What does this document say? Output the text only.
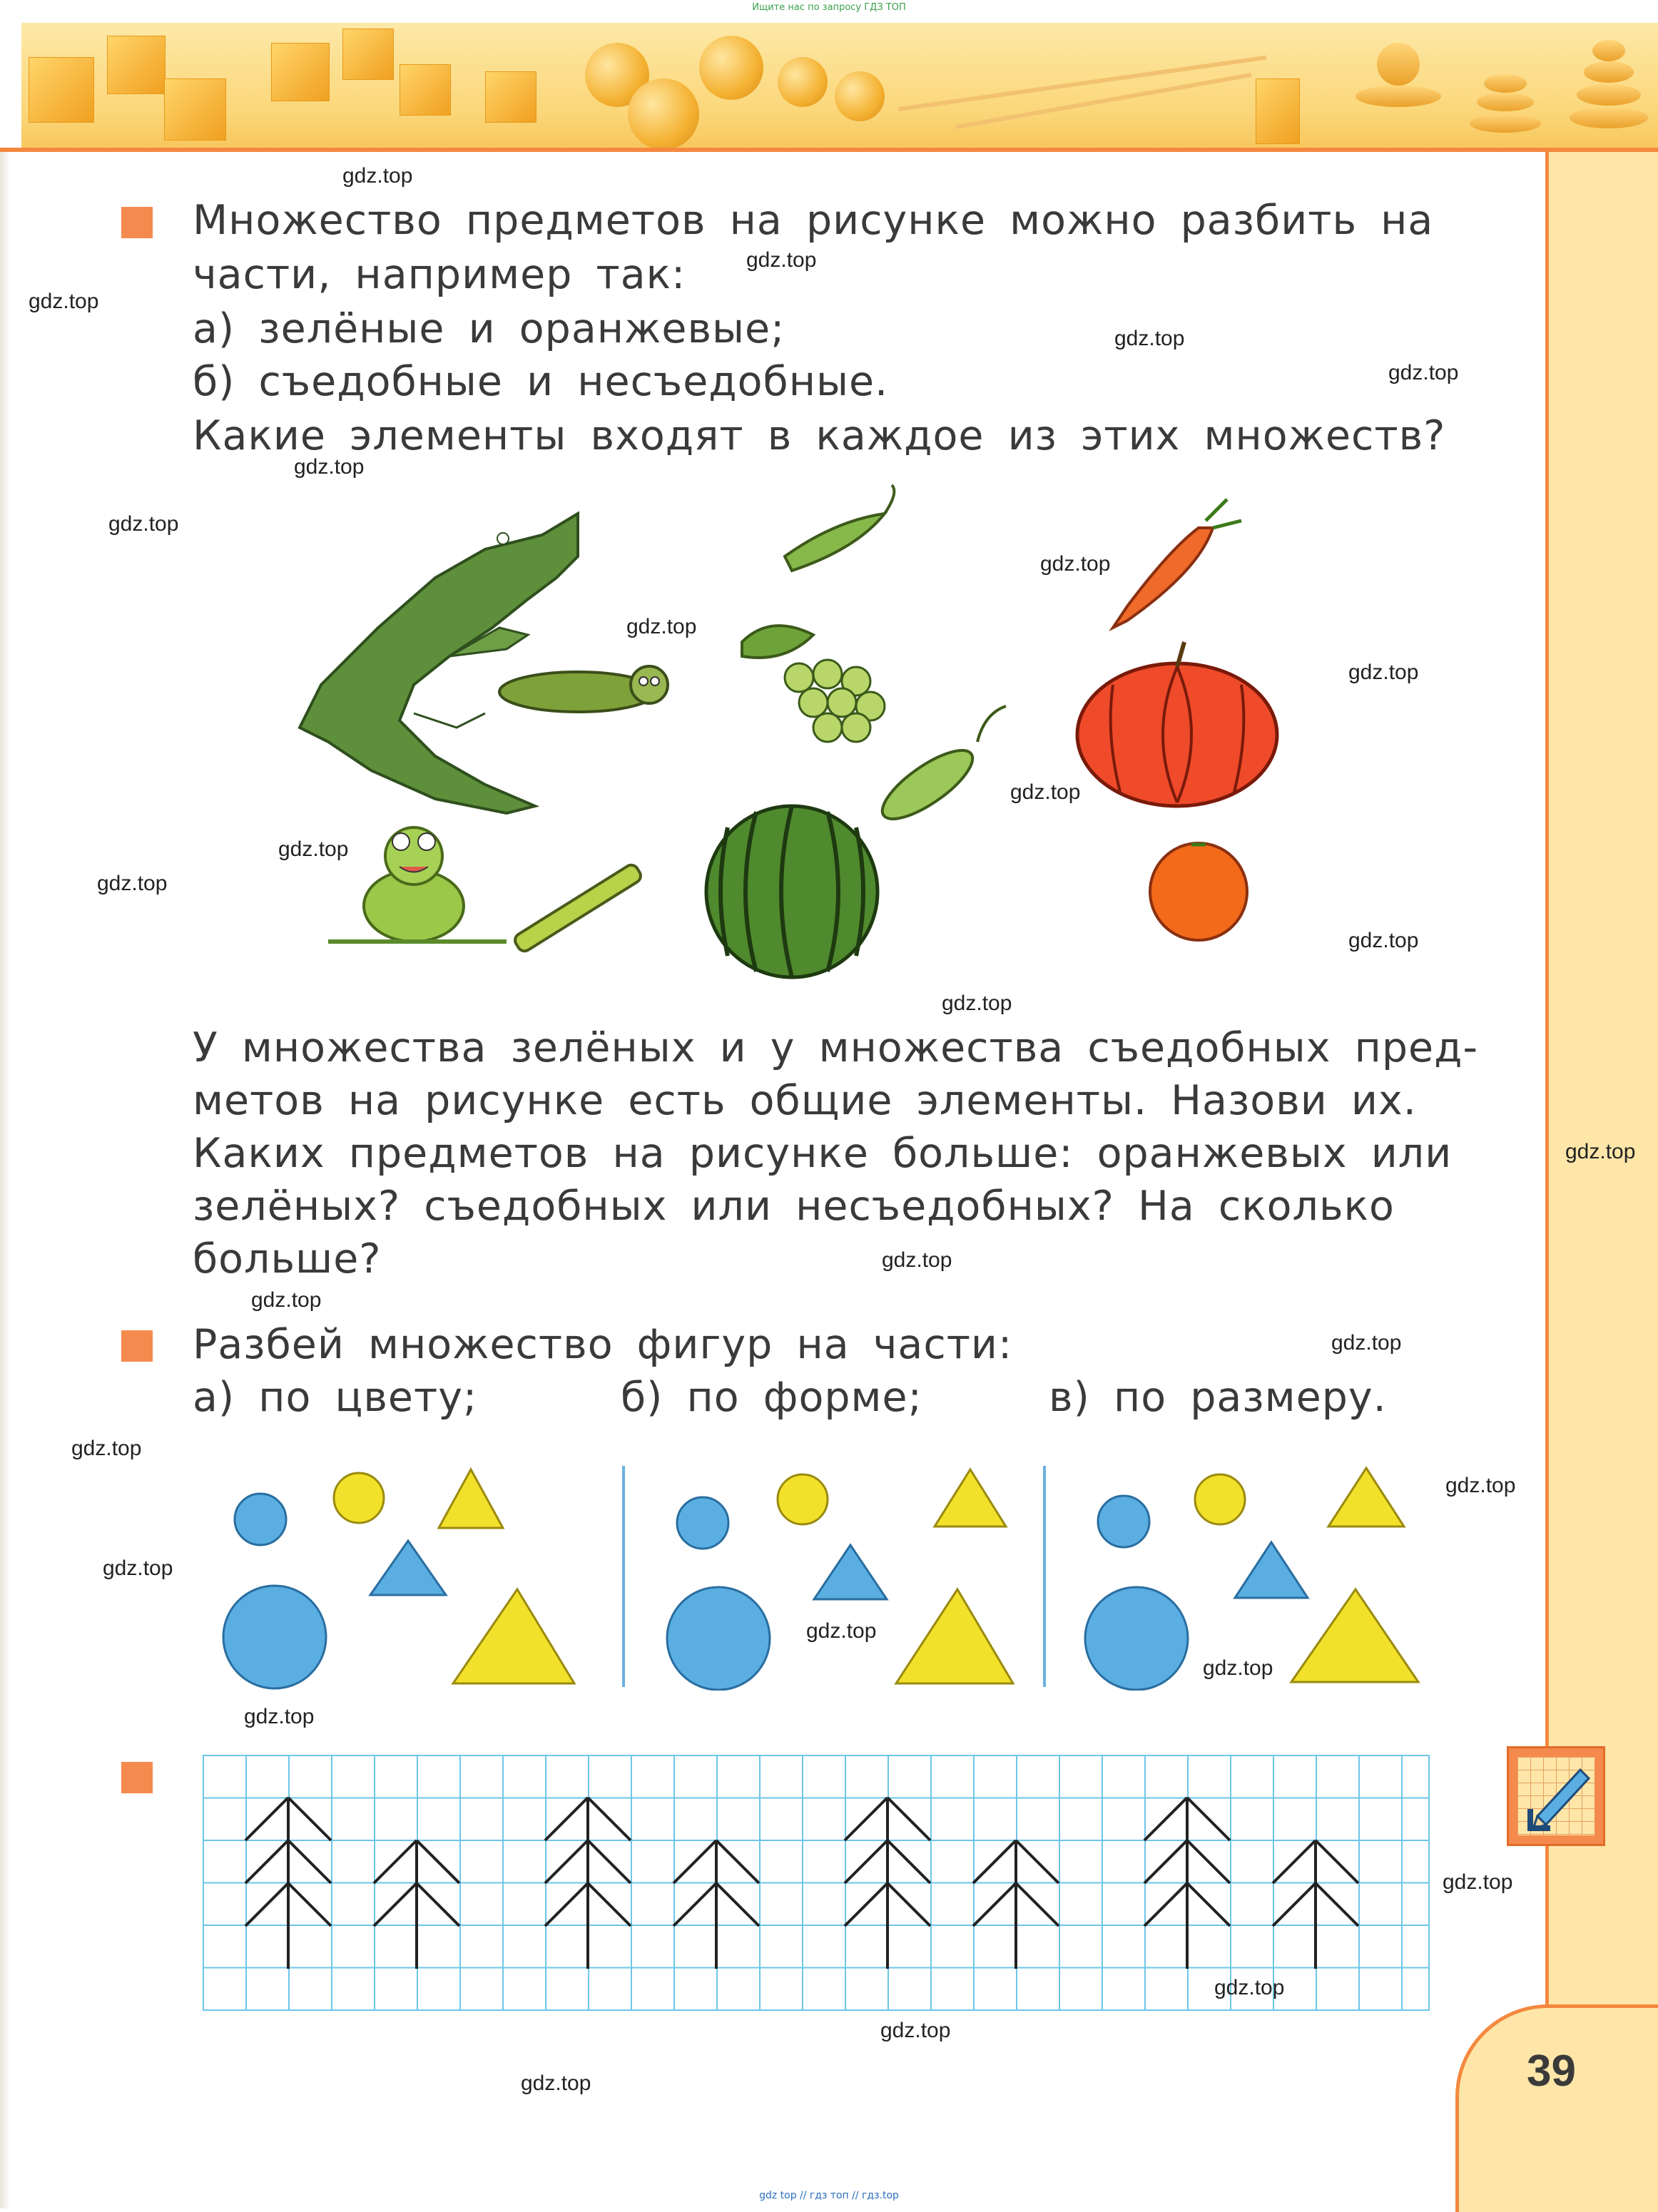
Ищите нас по запросу ГДЗ ТОП
Множество предметов на рисунке можно разбить на
части, например так:
а) зелёные и оранжевые;
б) съедобные и несъедобные.
Какие элементы входят в каждое из этих множеств?
У множества зелёных и у множества съедобных пред-
метов на рисунке есть общие элементы. Назови их.
Каких предметов на рисунке больше: оранжевых или
зелёных? съедобных или несъедобных? На сколько
больше?
Разбей множество фигур на части:
а) по цвету;	б) по форме;	в) по размеру.
39
gdz.top
gdz.top
gdz.top
gdz.top
gdz.top
gdz.top
gdz.top
gdz.top
gdz.top
gdz.top
gdz.top
gdz.top
gdz.top
gdz.top
gdz.top
gdz.top
gdz.top
gdz.top
gdz.top
gdz.top
gdz.top
gdz.top
gdz.top
gdz.top
gdz.top
gdz.top
gdz.top
gdz.top
gdz.top
gdz top // гдз топ // гдз.top
